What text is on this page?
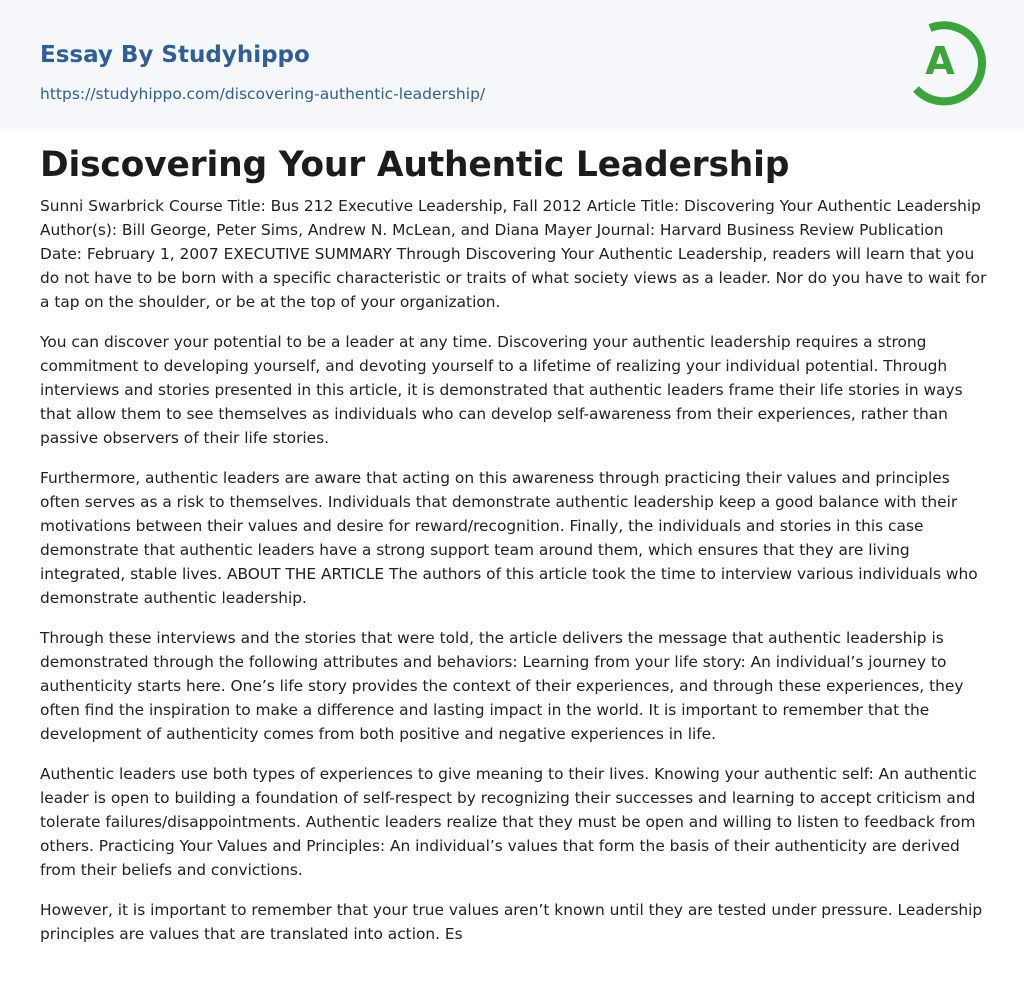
Essay By Studyhippo
https://studyhippo.com/discovering-authentic-leadership/
A
Discovering Your Authentic Leadership

Sunni Swarbrick Course Title: Bus 212 Executive Leadership, Fall 2012 Article Title: Discovering Your Authentic Leadership Author(s): Bill George, Peter Sims, Andrew N. McLean, and Diana Mayer Journal: Harvard Business Review Publication Date: February 1, 2007 EXECUTIVE SUMMARY Through Discovering Your Authentic Leadership, readers will learn that you do not have to be born with a specific characteristic or traits of what society views as a leader. Nor do you have to wait for a tap on the shoulder, or be at the top of your organization.

You can discover your potential to be a leader at any time. Discovering your authentic leadership requires a strong commitment to developing yourself, and devoting yourself to a lifetime of realizing your individual potential. Through interviews and stories presented in this article, it is demonstrated that authentic leaders frame their life stories in ways that allow them to see themselves as individuals who can develop self-awareness from their experiences, rather than passive observers of their life stories.

Furthermore, authentic leaders are aware that acting on this awareness through practicing their values and principles often serves as a risk to themselves. Individuals that demonstrate authentic leadership keep a good balance with their motivations between their values and desire for reward/recognition. Finally, the individuals and stories in this case demonstrate that authentic leaders have a strong support team around them, which ensures that they are living integrated, stable lives. ABOUT THE ARTICLE The authors of this article took the time to interview various individuals who demonstrate authentic leadership.

Through these interviews and the stories that were told, the article delivers the message that authentic leadership is demonstrated through the following attributes and behaviors: Learning from your life story: An individual’s journey to authenticity starts here. One’s life story provides the context of their experiences, and through these experiences, they often find the inspiration to make a difference and lasting impact in the world. It is important to remember that the development of authenticity comes from both positive and negative experiences in life.

Authentic leaders use both types of experiences to give meaning to their lives. Knowing your authentic self: An authentic leader is open to building a foundation of self-respect by recognizing their successes and learning to accept criticism and tolerate failures/disappointments. Authentic leaders realize that they must be open and willing to listen to feedback from others. Practicing Your Values and Principles: An individual’s values that form the basis of their authenticity are derived from their beliefs and convictions.

However, it is important to remember that your true values aren’t known until they are tested under pressure. Leadership principles are values that are translated into action. Es
